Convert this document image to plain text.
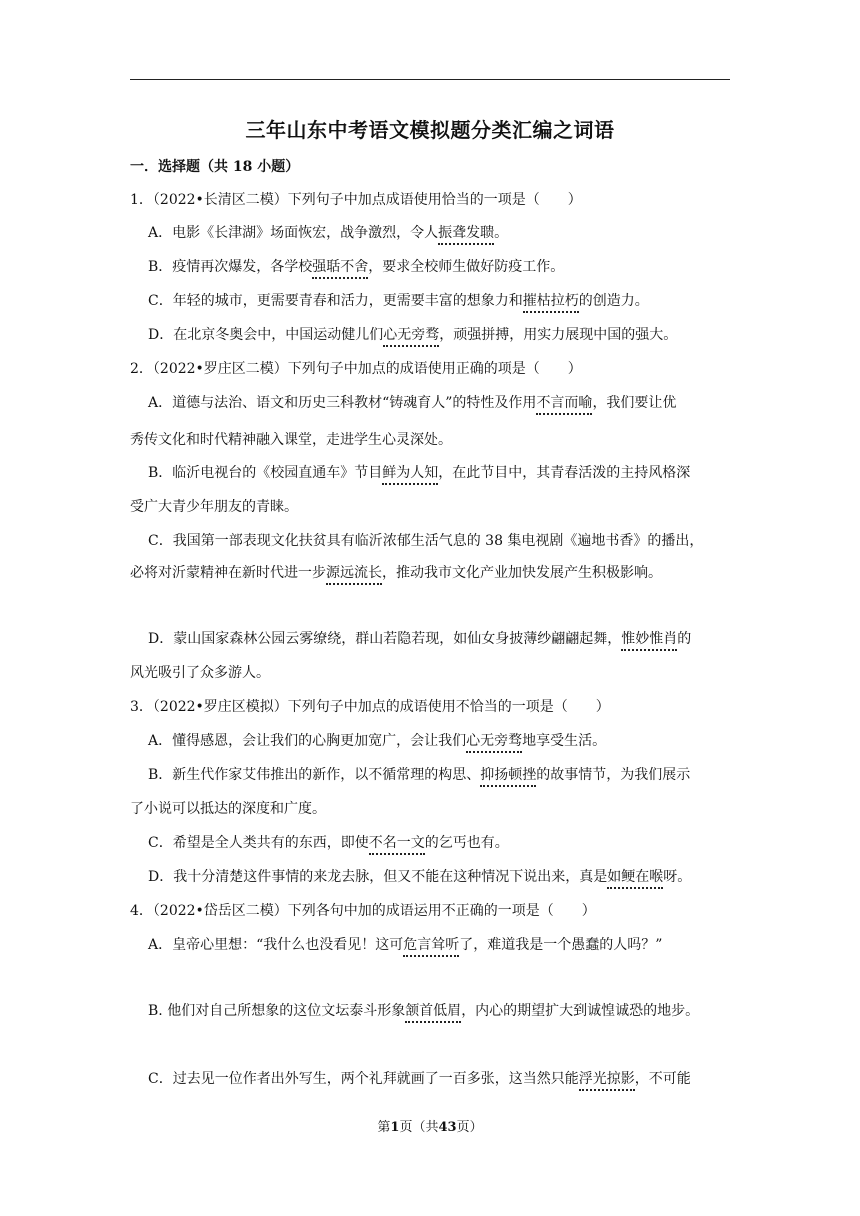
三年山东中考语文模拟题分类汇编之词语
一．选择题（共 18 小题）
1．（2022•长清区二模）下列句子中加点成语使用恰当的一项是（　　）
A．电影《长津湖》场面恢宏，战争激烈，令人振聋发聩。
B．疫情再次爆发，各学校强聒不舍，要求全校师生做好防疫工作。
C．年轻的城市，更需要青春和活力，更需要丰富的想象力和摧枯拉朽的创造力。
D．在北京冬奥会中，中国运动健儿们心无旁骛，顽强拼搏，用实力展现中国的强大。
2．（2022•罗庄区二模）下列句子中加点的成语使用正确的项是（　　）
A．道德与法治、语文和历史三科教材“铸魂育人”的特性及作用不言而喻，我们要让优
秀传文化和时代精神融入课堂，走进学生心灵深处。
B．临沂电视台的《校园直通车》节目鲜为人知，在此节目中，其青春活泼的主持风格深
受广大青少年朋友的青睐。
C．我国第一部表现文化扶贫具有临沂浓郁生活气息的 38 集电视剧《遍地书香》的播出，
必将对沂蒙精神在新时代进一步源远流长，推动我市文化产业加快发展产生积极影响。
D．蒙山国家森林公园云雾缭绕，群山若隐若现，如仙女身披薄纱翩翩起舞，惟妙惟肖的
风光吸引了众多游人。
3．（2022•罗庄区模拟）下列句子中加点的成语使用不恰当的一项是（　　）
A．懂得感恩，会让我们的心胸更加宽广，会让我们心无旁骛地享受生活。
B．新生代作家艾伟推出的新作，以不循常理的构思、抑扬顿挫的故事情节，为我们展示
了小说可以抵达的深度和广度。
C．希望是全人类共有的东西，即使不名一文的乞丐也有。
D．我十分清楚这件事情的来龙去脉，但又不能在这种情况下说出来，真是如鲠在喉呀。
4．（2022•岱岳区二模）下列各句中加的成语运用不正确的一项是（　　）
A．皇帝心里想：“我什么也没看见！这可危言耸听了，难道我是一个愚蠢的人吗？”
B. 他们对自己所想象的这位文坛泰斗形象颔首低眉，内心的期望扩大到诚惶诚恐的地步。
C．过去见一位作者出外写生，两个礼拜就画了一百多张，这当然只能浮光掠影，不可能
第1页（共43页）
